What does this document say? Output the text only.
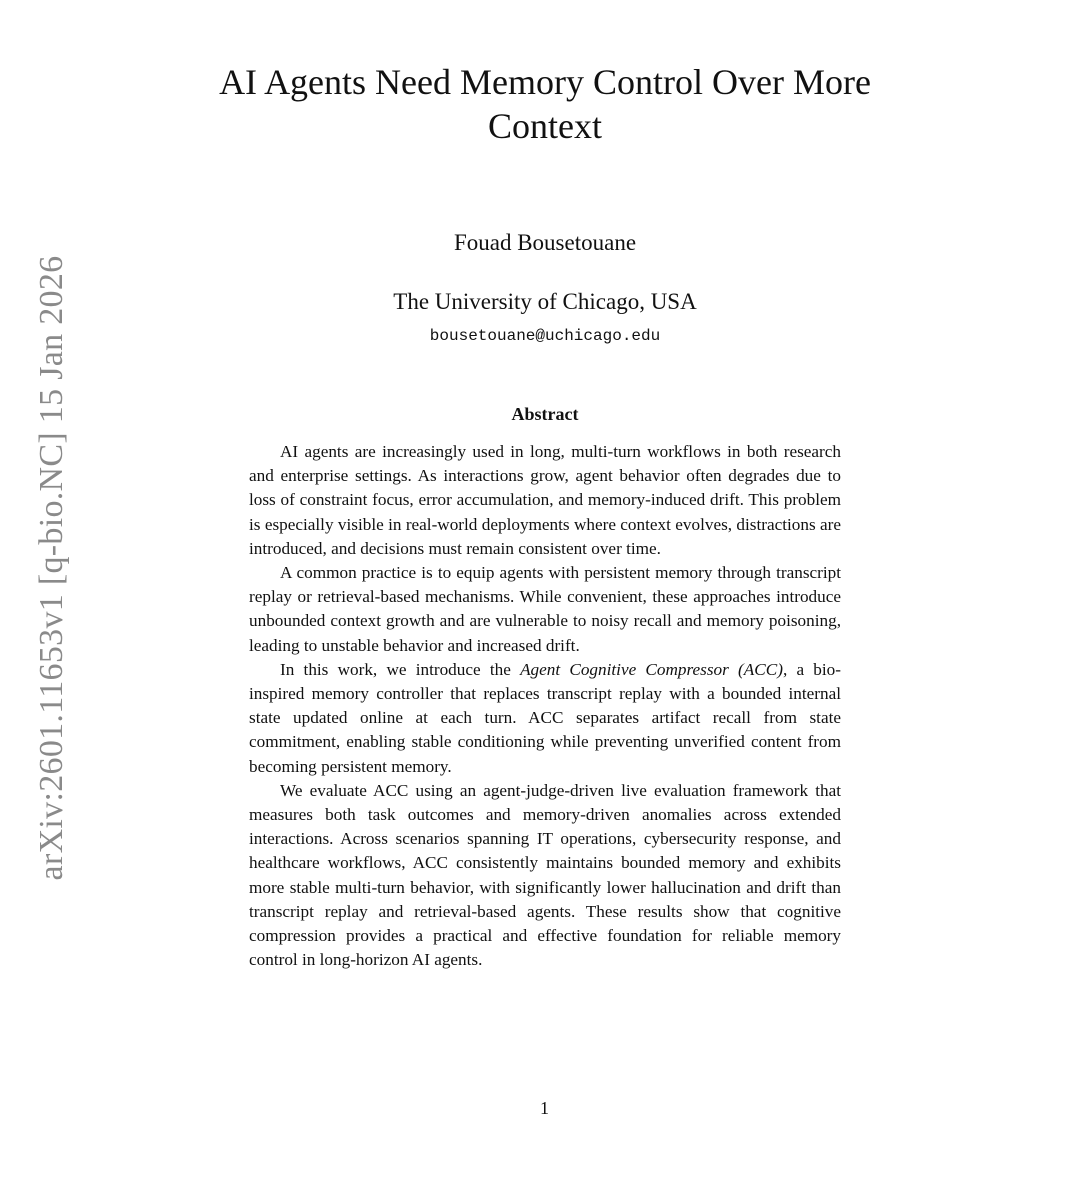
arXiv:2601.11653v1 [q-bio.NC] 15 Jan 2026
AI Agents Need Memory Control Over More
Context
Fouad Bousetouane
The University of Chicago, USA
bousetouane@uchicago.edu
Abstract

AI agents are increasingly used in long, multi-turn workflows in both research and enterprise settings. As interactions grow, agent behavior often degrades due to loss of constraint focus, error accumulation, and memory-induced drift. This problem is especially visible in real-world deployments where context evolves, distractions are introduced, and decisions must remain consistent over time.

A common practice is to equip agents with persistent memory through transcript replay or retrieval-based mechanisms. While convenient, these approaches introduce unbounded context growth and are vulnerable to noisy recall and memory poisoning, leading to unstable behavior and increased drift.

In this work, we introduce the Agent Cognitive Compressor (ACC), a bio-inspired memory controller that replaces transcript replay with a bounded internal state updated online at each turn. ACC separates artifact recall from state commitment, enabling stable conditioning while preventing unverified content from becoming persistent memory.

We evaluate ACC using an agent-judge-driven live evaluation framework that measures both task outcomes and memory-driven anomalies across extended interactions. Across scenarios spanning IT operations, cybersecurity response, and healthcare workflows, ACC consistently maintains bounded memory and exhibits more stable multi-turn behavior, with significantly lower hallucination and drift than transcript replay and retrieval-based agents. These results show that cognitive compression provides a practical and effective foundation for reliable memory control in long-horizon AI agents.

1
